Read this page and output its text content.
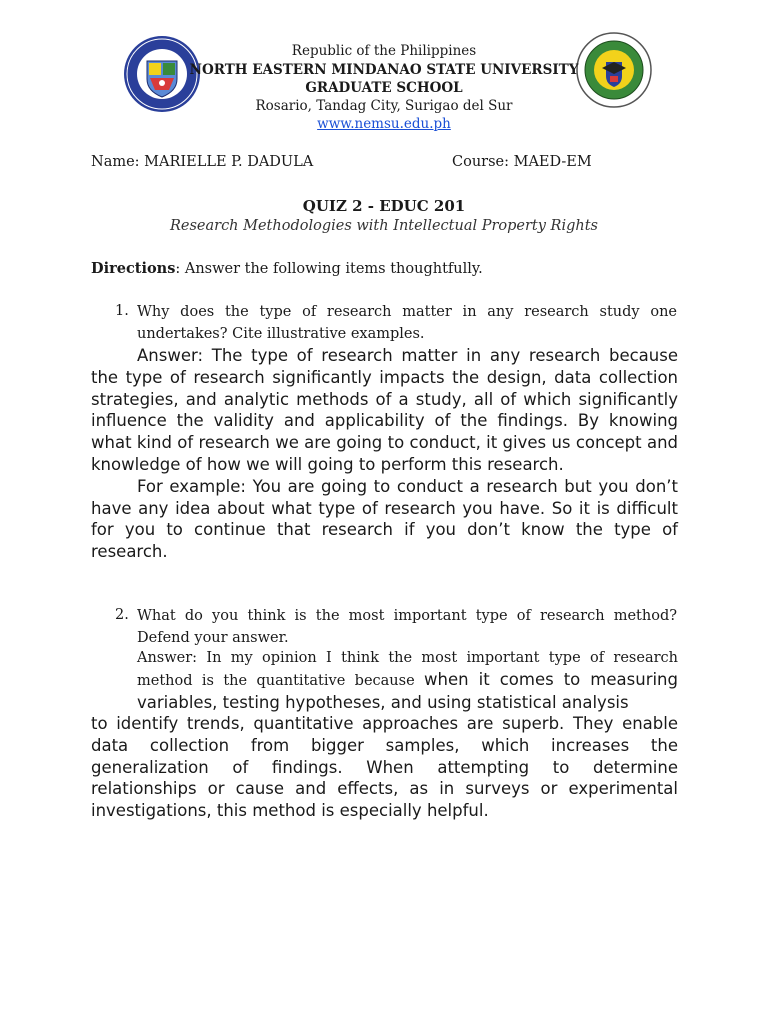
Republic of the Philippines
NORTH EASTERN MINDANAO STATE UNIVERSITY
GRADUATE SCHOOL
Rosario, Tandag City, Surigao del Sur
www.nemsu.edu.ph
Name: MARIELLE P. DADULA	Course: MAED-EM
QUIZ 2 - EDUC 201
Research Methodologies with Intellectual Property Rights
Directions: Answer the following items thoughtfully.
1. Why does the type of research matter in any research study one undertakes? Cite illustrative examples.

Answer: The type of research matter in any research because the type of research significantly impacts the design, data collection strategies, and analytic methods of a study, all of which significantly influence the validity and applicability of the findings. By knowing what kind of research we are going to conduct, it gives us concept and knowledge of how we will going to perform this research.

For example: You are going to conduct a research but you don’t have any idea about what type of research you have. So it is difficult for you to continue that research if you don’t know the type of research.

2. What do you think is the most important type of research method? Defend your answer.
Answer: In my opinion I think the most important type of research method is the quantitative because when it comes to measuring variables, testing hypotheses, and using statistical analysis
to identify trends, quantitative approaches are superb. They enable data collection from bigger samples, which increases the generalization of findings. When attempting to determine relationships or cause and effects, as in surveys or experimental investigations, this method is especially helpful.
